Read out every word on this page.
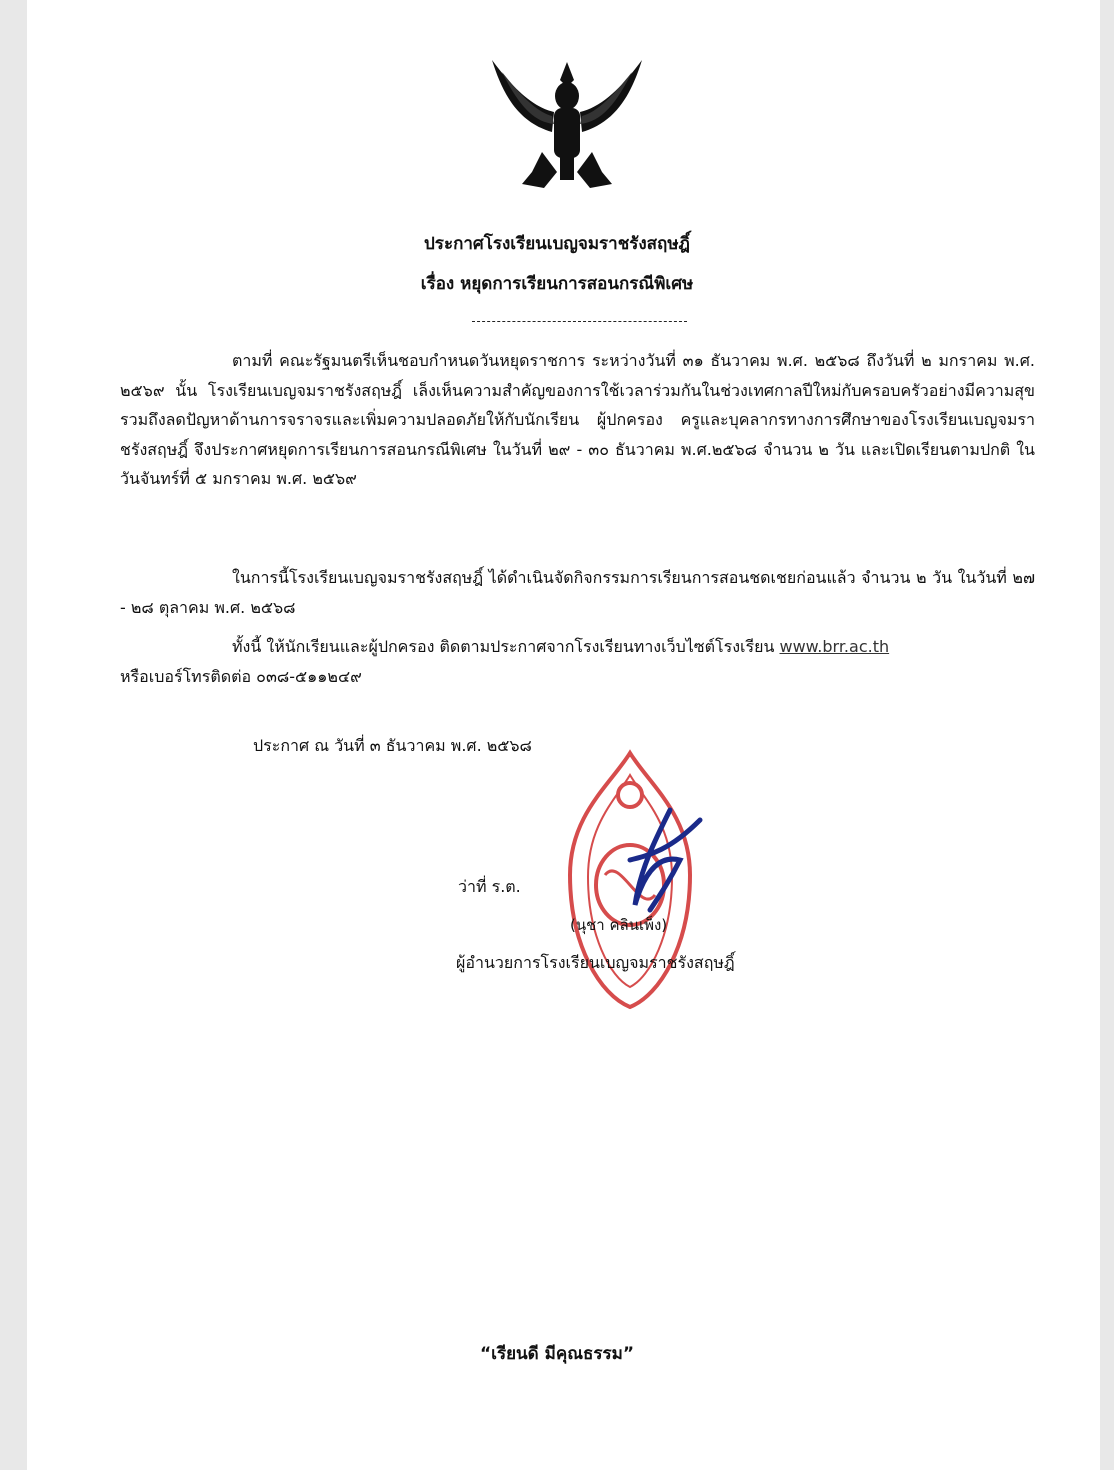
ประกาศโรงเรียนเบญจมราชรังสฤษฎิ์
เรื่อง หยุดการเรียนการสอนกรณีพิเศษ
ตามที่ คณะรัฐมนตรีเห็นชอบกำหนดวันหยุดราชการ ระหว่างวันที่ ๓๑ ธันวาคม พ.ศ. ๒๕๖๘ ถึงวันที่ ๒ มกราคม พ.ศ. ๒๕๖๙ นั้น โรงเรียนเบญจมราชรังสฤษฎิ์ เล็งเห็นความสำคัญของการใช้เวลาร่วมกันในช่วงเทศกาลปีใหม่กับครอบครัวอย่างมีความสุข รวมถึงลดปัญหาด้านการจราจรและเพิ่มความปลอดภัยให้กับนักเรียน ผู้ปกครอง ครูและบุคลากรทางการศึกษาของโรงเรียนเบญจมราชรังสฤษฎิ์ จึงประกาศหยุดการเรียนการสอนกรณีพิเศษ ในวันที่ ๒๙ - ๓๐ ธันวาคม พ.ศ.๒๕๖๘ จำนวน ๒ วัน และเปิดเรียนตามปกติ ในวันจันทร์ที่ ๕ มกราคม พ.ศ. ๒๕๖๙
ในการนี้โรงเรียนเบญจมราชรังสฤษฎิ์ ได้ดำเนินจัดกิจกรรมการเรียนการสอนชดเชยก่อนแล้ว จำนวน ๒ วัน ในวันที่ ๒๗ - ๒๘ ตุลาคม พ.ศ. ๒๕๖๘
ทั้งนี้ ให้นักเรียนและผู้ปกครอง ติดตามประกาศจากโรงเรียนทางเว็บไซต์โรงเรียน www.brr.ac.th
หรือเบอร์โทรติดต่อ ๐๓๘-๕๑๑๒๔๙
ประกาศ ณ วันที่ ๓ ธันวาคม พ.ศ. ๒๕๖๘
ว่าที่ ร.ต.
(นุชา คลินเพ็ง)
ผู้อำนวยการโรงเรียนเบญจมราชรังสฤษฎิ์
“เรียนดี มีคุณธรรม”
